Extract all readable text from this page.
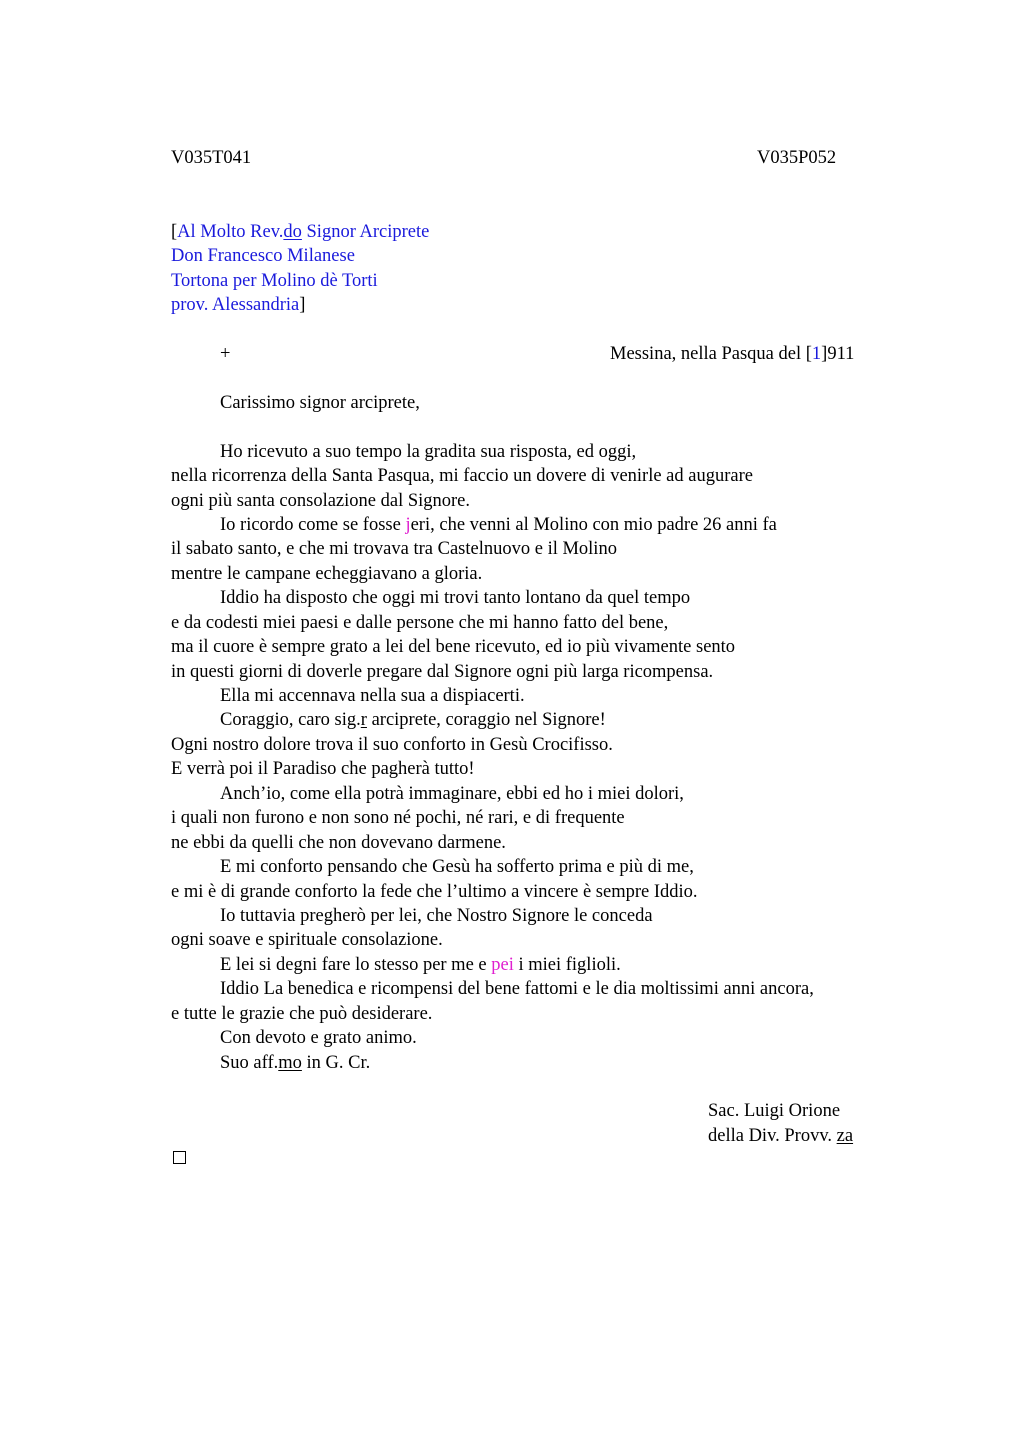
V035T041	V035P052
[Al Molto Rev.do Signor Arciprete
Don Francesco Milanese
Tortona per Molino dè Torti
prov. Alessandria]
+	Messina, nella Pasqua del [1]911
Carissimo signor arciprete,
Ho ricevuto a suo tempo la gradita sua risposta, ed oggi,
nella ricorrenza della Santa Pasqua, mi faccio un dovere di venirle ad augurare
ogni più santa consolazione dal Signore.
Io ricordo come se fosse jeri, che venni al Molino con mio padre 26 anni fa
il sabato santo, e che mi trovava tra Castelnuovo e il Molino
mentre le campane echeggiavano a gloria.
Iddio ha disposto che oggi mi trovi tanto lontano da quel tempo
e da codesti miei paesi e dalle persone che mi hanno fatto del bene,
ma il cuore è sempre grato a lei del bene ricevuto, ed io più vivamente sento
in questi giorni di doverle pregare dal Signore ogni più larga ricompensa.
Ella mi accennava nella sua a dispiacerti.
Coraggio, caro sig.r arciprete, coraggio nel Signore!
Ogni nostro dolore trova il suo conforto in Gesù Crocifisso.
E verrà poi il Paradiso che pagherà tutto!
Anch’io, come ella potrà immaginare, ebbi ed ho i miei dolori,
i quali non furono e non sono né pochi, né rari, e di frequente
ne ebbi da quelli che non dovevano darmene.
E mi conforto pensando che Gesù ha sofferto prima e più di me,
e mi è di grande conforto la fede che l’ultimo a vincere è sempre Iddio.
Io tuttavia pregherò per lei, che Nostro Signore le conceda
ogni soave e spirituale consolazione.
E lei si degni fare lo stesso per me e pei i miei figlioli.
Iddio La benedica e ricompensi del bene fattomi e le dia moltissimi anni ancora,
e tutte le grazie che può desiderare.
Con devoto e grato animo.
Suo aff.mo in G. Cr.
Sac. Luigi Orione
della Div. Provv. za
